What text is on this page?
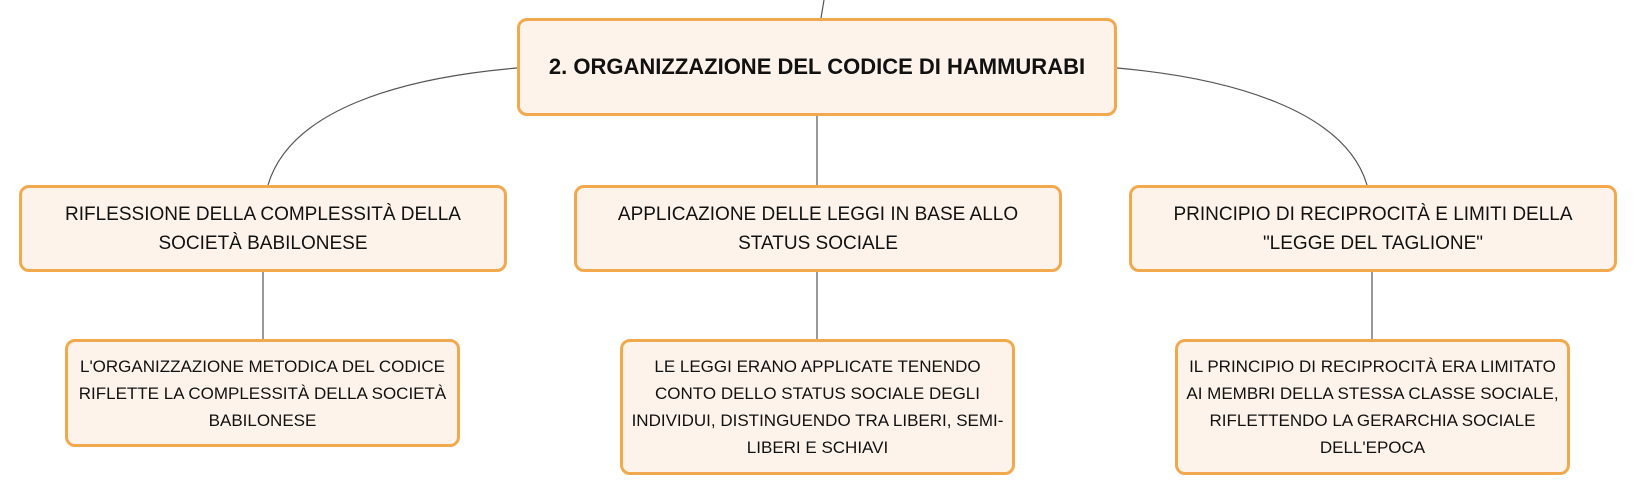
2. ORGANIZZAZIONE DEL CODICE DI HAMMURABI
RIFLESSIONE DELLA COMPLESSITÀ DELLA SOCIETÀ BABILONESE
APPLICAZIONE DELLE LEGGI IN BASE ALLO STATUS SOCIALE
PRINCIPIO DI RECIPROCITÀ E LIMITI DELLA "LEGGE DEL TAGLIONE"
L'ORGANIZZAZIONE METODICA DEL CODICE RIFLETTE LA COMPLESSITÀ DELLA SOCIETÀ BABILONESE
LE LEGGI ERANO APPLICATE TENENDO CONTO DELLO STATUS SOCIALE DEGLI INDIVIDUI, DISTINGUENDO TRA LIBERI, SEMI-LIBERI E SCHIAVI
IL PRINCIPIO DI RECIPROCITÀ ERA LIMITATO AI MEMBRI DELLA STESSA CLASSE SOCIALE, RIFLETTENDO LA GERARCHIA SOCIALE DELL'EPOCA
